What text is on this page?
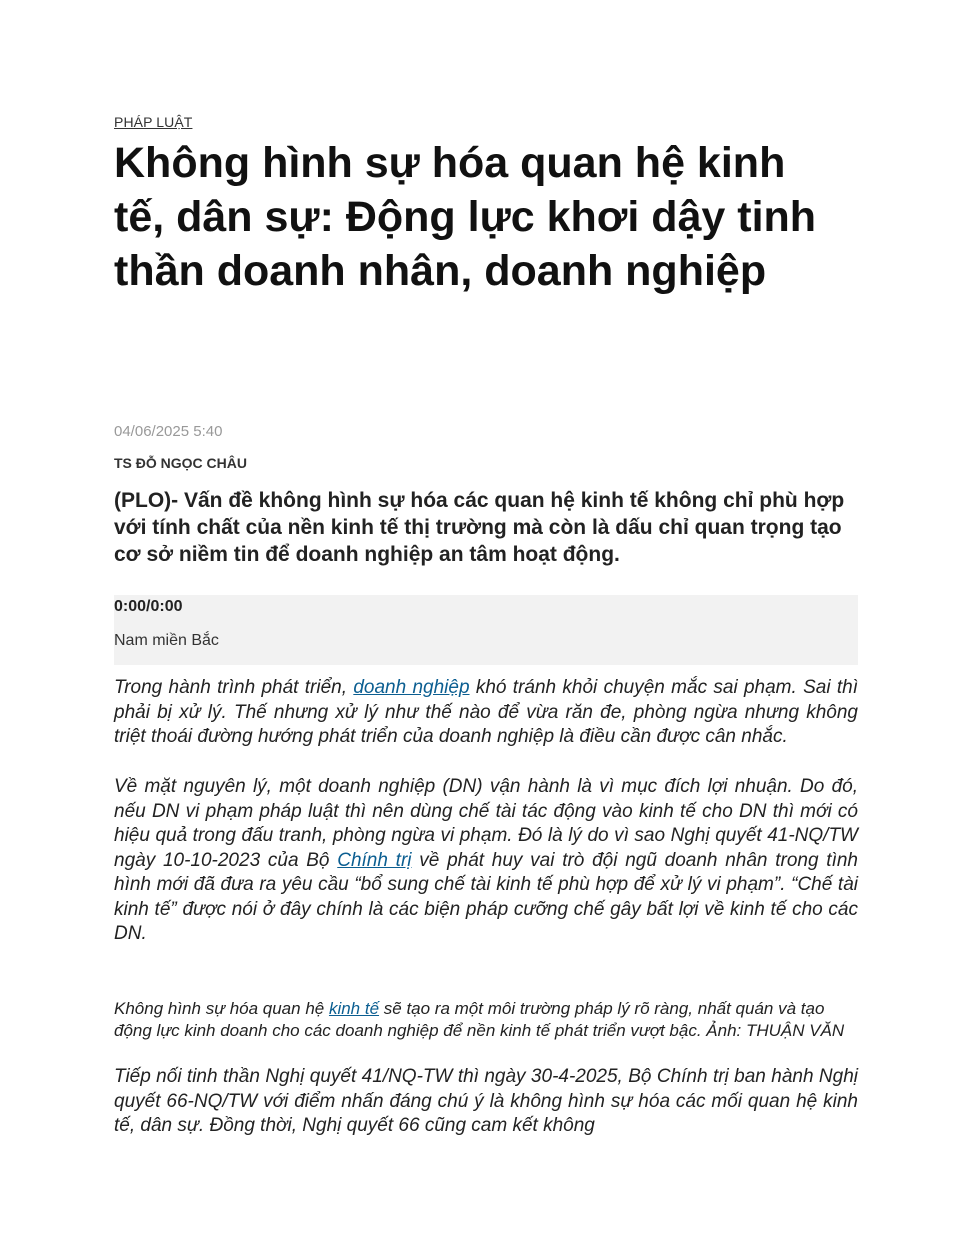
PHÁP LUẬT
Không hình sự hóa quan hệ kinh tế, dân sự: Động lực khơi dậy tinh thần doanh nhân, doanh nghiệp
04/06/2025 5:40
TS ĐỖ NGỌC CHÂU

(PLO)- Vấn đề không hình sự hóa các quan hệ kinh tế không chỉ phù hợp với tính chất của nền kinh tế thị trường mà còn là dấu chỉ quan trọng tạo cơ sở niềm tin để doanh nghiệp an tâm hoạt động.

0:00/0:00
Nam miền Bắc

Trong hành trình phát triển, doanh nghiệp khó tránh khỏi chuyện mắc sai phạm. Sai thì phải bị xử lý. Thế nhưng xử lý như thế nào để vừa răn đe, phòng ngừa nhưng không triệt thoái đường hướng phát triển của doanh nghiệp là điều cần được cân nhắc.

Về mặt nguyên lý, một doanh nghiệp (DN) vận hành là vì mục đích lợi nhuận. Do đó, nếu DN vi phạm pháp luật thì nên dùng chế tài tác động vào kinh tế cho DN thì mới có hiệu quả trong đấu tranh, phòng ngừa vi phạm. Đó là lý do vì sao Nghị quyết 41-NQ/TW ngày 10-10-2023 của Bộ Chính trị về phát huy vai trò đội ngũ doanh nhân trong tình hình mới đã đưa ra yêu cầu “bổ sung chế tài kinh tế phù hợp để xử lý vi phạm”. “Chế tài kinh tế” được nói ở đây chính là các biện pháp cưỡng chế gây bất lợi về kinh tế cho các DN.

Không hình sự hóa quan hệ kinh tế sẽ tạo ra một môi trường pháp lý rõ ràng, nhất quán và tạo động lực kinh doanh cho các doanh nghiệp để nền kinh tế phát triển vượt bậc. Ảnh: THUẬN VĂN

Tiếp nối tinh thần Nghị quyết 41/NQ-TW thì ngày 30-4-2025, Bộ Chính trị ban hành Nghị quyết 66-NQ/TW với điểm nhấn đáng chú ý là không hình sự hóa các mối quan hệ kinh tế, dân sự. Đồng thời, Nghị quyết 66 cũng cam kết không
